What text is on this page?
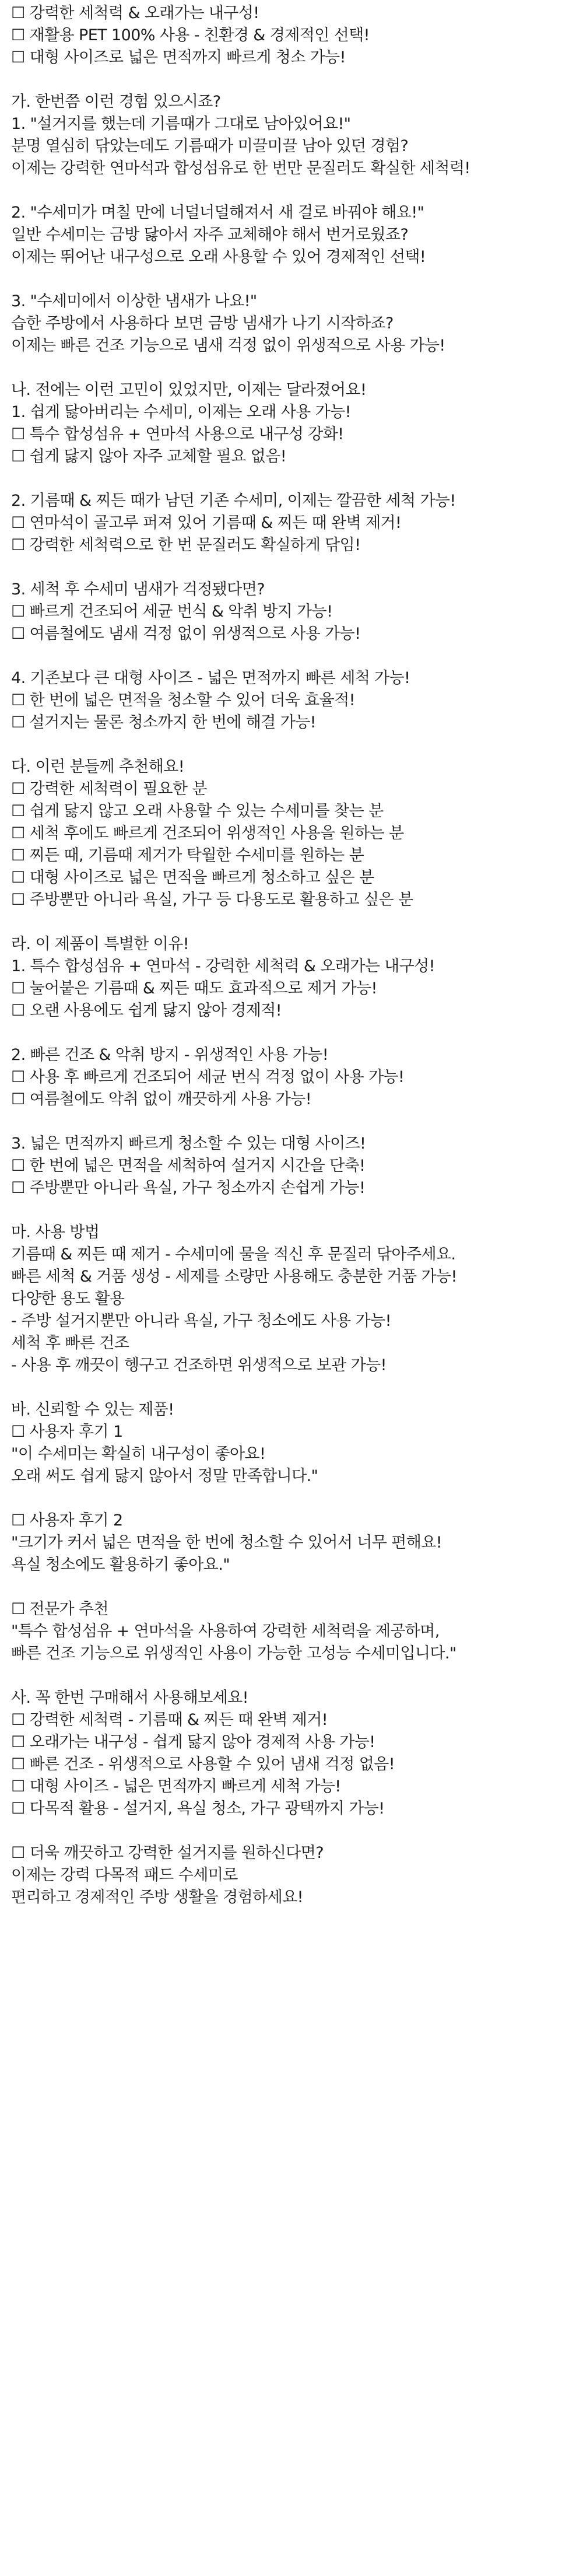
☐ 강력한 세척력 & 오래가는 내구성!
☐ 재활용 PET 100% 사용 - 친환경 & 경제적인 선택!
☐ 대형 사이즈로 넓은 면적까지 빠르게 청소 가능!
가. 한번쯤 이런 경험 있으시죠?
1. "설거지를 했는데 기름때가 그대로 남아있어요!"
분명 열심히 닦았는데도 기름때가 미끌미끌 남아 있던 경험?
이제는 강력한 연마석과 합성섬유로 한 번만 문질러도 확실한 세척력!
2. "수세미가 며칠 만에 너덜너덜해져서 새 걸로 바꿔야 해요!"
일반 수세미는 금방 닳아서 자주 교체해야 해서 번거로웠죠?
이제는 뛰어난 내구성으로 오래 사용할 수 있어 경제적인 선택!
3. "수세미에서 이상한 냄새가 나요!"
습한 주방에서 사용하다 보면 금방 냄새가 나기 시작하죠?
이제는 빠른 건조 기능으로 냄새 걱정 없이 위생적으로 사용 가능!
나. 전에는 이런 고민이 있었지만, 이제는 달라졌어요!
1. 쉽게 닳아버리는 수세미, 이제는 오래 사용 가능!
☐ 특수 합성섬유 + 연마석 사용으로 내구성 강화!
☐ 쉽게 닳지 않아 자주 교체할 필요 없음!
2. 기름때 & 찌든 때가 남던 기존 수세미, 이제는 깔끔한 세척 가능!
☐ 연마석이 골고루 퍼져 있어 기름때 & 찌든 때 완벽 제거!
☐ 강력한 세척력으로 한 번 문질러도 확실하게 닦임!
3. 세척 후 수세미 냄새가 걱정됐다면?
☐ 빠르게 건조되어 세균 번식 & 악취 방지 가능!
☐ 여름철에도 냄새 걱정 없이 위생적으로 사용 가능!
4. 기존보다 큰 대형 사이즈 - 넓은 면적까지 빠른 세척 가능!
☐ 한 번에 넓은 면적을 청소할 수 있어 더욱 효율적!
☐ 설거지는 물론 청소까지 한 번에 해결 가능!
다. 이런 분들께 추천해요!
☐ 강력한 세척력이 필요한 분
☐ 쉽게 닳지 않고 오래 사용할 수 있는 수세미를 찾는 분
☐ 세척 후에도 빠르게 건조되어 위생적인 사용을 원하는 분
☐ 찌든 때, 기름때 제거가 탁월한 수세미를 원하는 분
☐ 대형 사이즈로 넓은 면적을 빠르게 청소하고 싶은 분
☐ 주방뿐만 아니라 욕실, 가구 등 다용도로 활용하고 싶은 분
라. 이 제품이 특별한 이유!
1. 특수 합성섬유 + 연마석 - 강력한 세척력 & 오래가는 내구성!
☐ 눌어붙은 기름때 & 찌든 때도 효과적으로 제거 가능!
☐ 오랜 사용에도 쉽게 닳지 않아 경제적!
2. 빠른 건조 & 악취 방지 - 위생적인 사용 가능!
☐ 사용 후 빠르게 건조되어 세균 번식 걱정 없이 사용 가능!
☐ 여름철에도 악취 없이 깨끗하게 사용 가능!
3. 넓은 면적까지 빠르게 청소할 수 있는 대형 사이즈!
☐ 한 번에 넓은 면적을 세척하여 설거지 시간을 단축!
☐ 주방뿐만 아니라 욕실, 가구 청소까지 손쉽게 가능!
마. 사용 방법
기름때 & 찌든 때 제거 - 수세미에 물을 적신 후 문질러 닦아주세요.
빠른 세척 & 거품 생성 - 세제를 소량만 사용해도 충분한 거품 가능!
다양한 용도 활용
- 주방 설거지뿐만 아니라 욕실, 가구 청소에도 사용 가능!
세척 후 빠른 건조
- 사용 후 깨끗이 헹구고 건조하면 위생적으로 보관 가능!
바. 신뢰할 수 있는 제품!
☐ 사용자 후기 1
"이 수세미는 확실히 내구성이 좋아요!
오래 써도 쉽게 닳지 않아서 정말 만족합니다."
☐ 사용자 후기 2
"크기가 커서 넓은 면적을 한 번에 청소할 수 있어서 너무 편해요!
욕실 청소에도 활용하기 좋아요."
☐ 전문가 추천
"특수 합성섬유 + 연마석을 사용하여 강력한 세척력을 제공하며,
빠른 건조 기능으로 위생적인 사용이 가능한 고성능 수세미입니다."
사. 꼭 한번 구매해서 사용해보세요!
☐ 강력한 세척력 - 기름때 & 찌든 때 완벽 제거!
☐ 오래가는 내구성 - 쉽게 닳지 않아 경제적 사용 가능!
☐ 빠른 건조 - 위생적으로 사용할 수 있어 냄새 걱정 없음!
☐ 대형 사이즈 - 넓은 면적까지 빠르게 세척 가능!
☐ 다목적 활용 - 설거지, 욕실 청소, 가구 광택까지 가능!
☐ 더욱 깨끗하고 강력한 설거지를 원하신다면?
이제는 강력 다목적 패드 수세미로
편리하고 경제적인 주방 생활을 경험하세요!
